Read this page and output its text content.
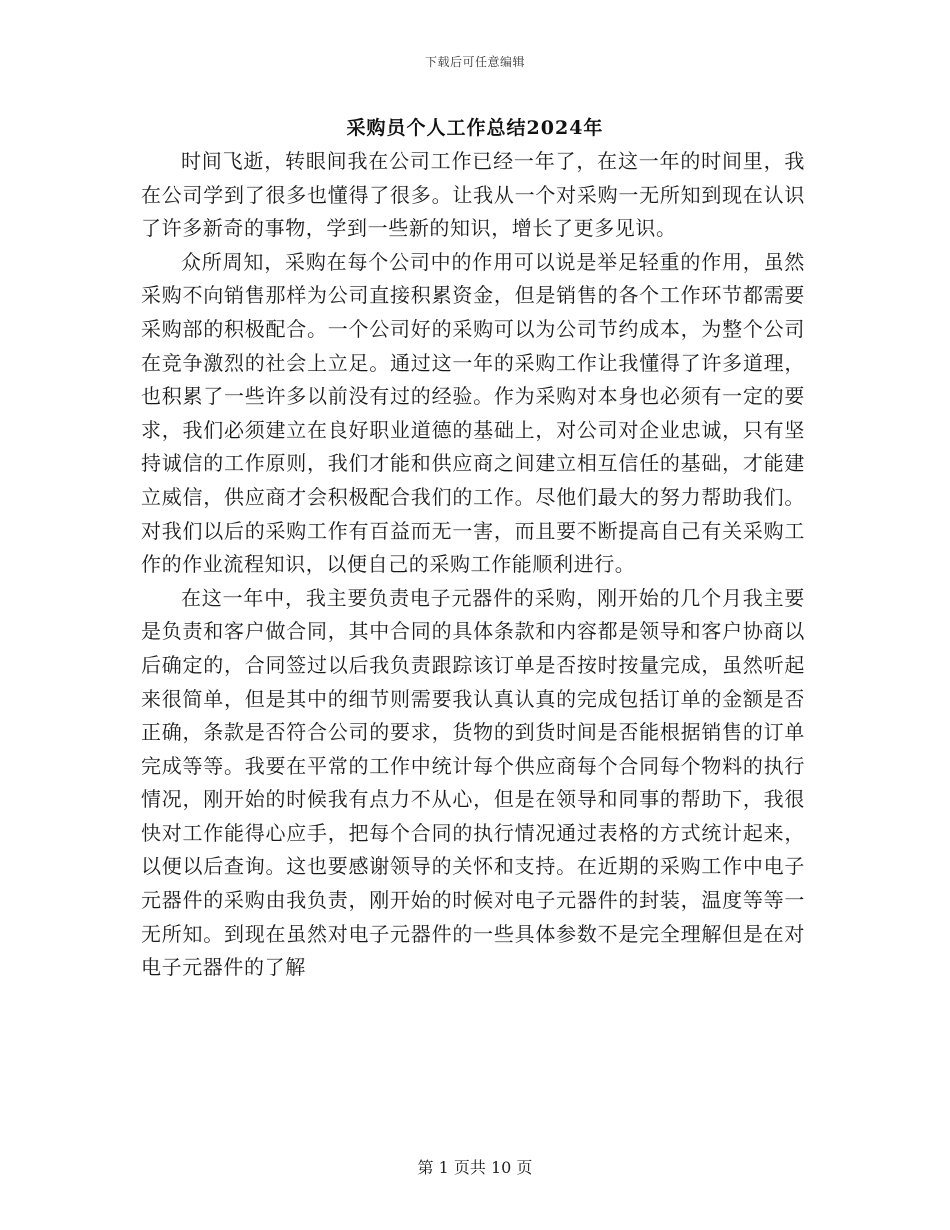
下载后可任意编辑
采购员个人工作总结2024年

时间飞逝，转眼间我在公司工作已经一年了，在这一年的时间里，我在公司学到了很多也懂得了很多。让我从一个对采购一无所知到现在认识了许多新奇的事物，学到一些新的知识，增长了更多见识。

众所周知，采购在每个公司中的作用可以说是举足轻重的作用，虽然采购不向销售那样为公司直接积累资金，但是销售的各个工作环节都需要采购部的积极配合。一个公司好的采购可以为公司节约成本，为整个公司在竞争激烈的社会上立足。通过这一年的采购工作让我懂得了许多道理，也积累了一些许多以前没有过的经验。作为采购对本身也必须有一定的要求，我们必须建立在良好职业道德的基础上，对公司对企业忠诚，只有坚持诚信的工作原则，我们才能和供应商之间建立相互信任的基础，才能建立威信，供应商才会积极配合我们的工作。尽他们最大的努力帮助我们。对我们以后的采购工作有百益而无一害，而且要不断提高自己有关采购工作的作业流程知识，以便自己的采购工作能顺利进行。

在这一年中，我主要负责电子元器件的采购，刚开始的几个月我主要是负责和客户做合同，其中合同的具体条款和内容都是领导和客户协商以后确定的，合同签过以后我负责跟踪该订单是否按时按量完成，虽然听起来很简单，但是其中的细节则需要我认真认真的完成包括订单的金额是否正确，条款是否符合公司的要求，货物的到货时间是否能根据销售的订单完成等等。我要在平常的工作中统计每个供应商每个合同每个物料的执行情况，刚开始的时候我有点力不从心，但是在领导和同事的帮助下，我很快对工作能得心应手，把每个合同的执行情况通过表格的方式统计起来，以便以后查询。这也要感谢领导的关怀和支持。在近期的采购工作中电子元器件的采购由我负责，刚开始的时候对电子元器件的封装，温度等等一无所知。到现在虽然对电子元器件的一些具体参数不是完全理解但是在对电子元器件的了解

第 1 页共 10 页
